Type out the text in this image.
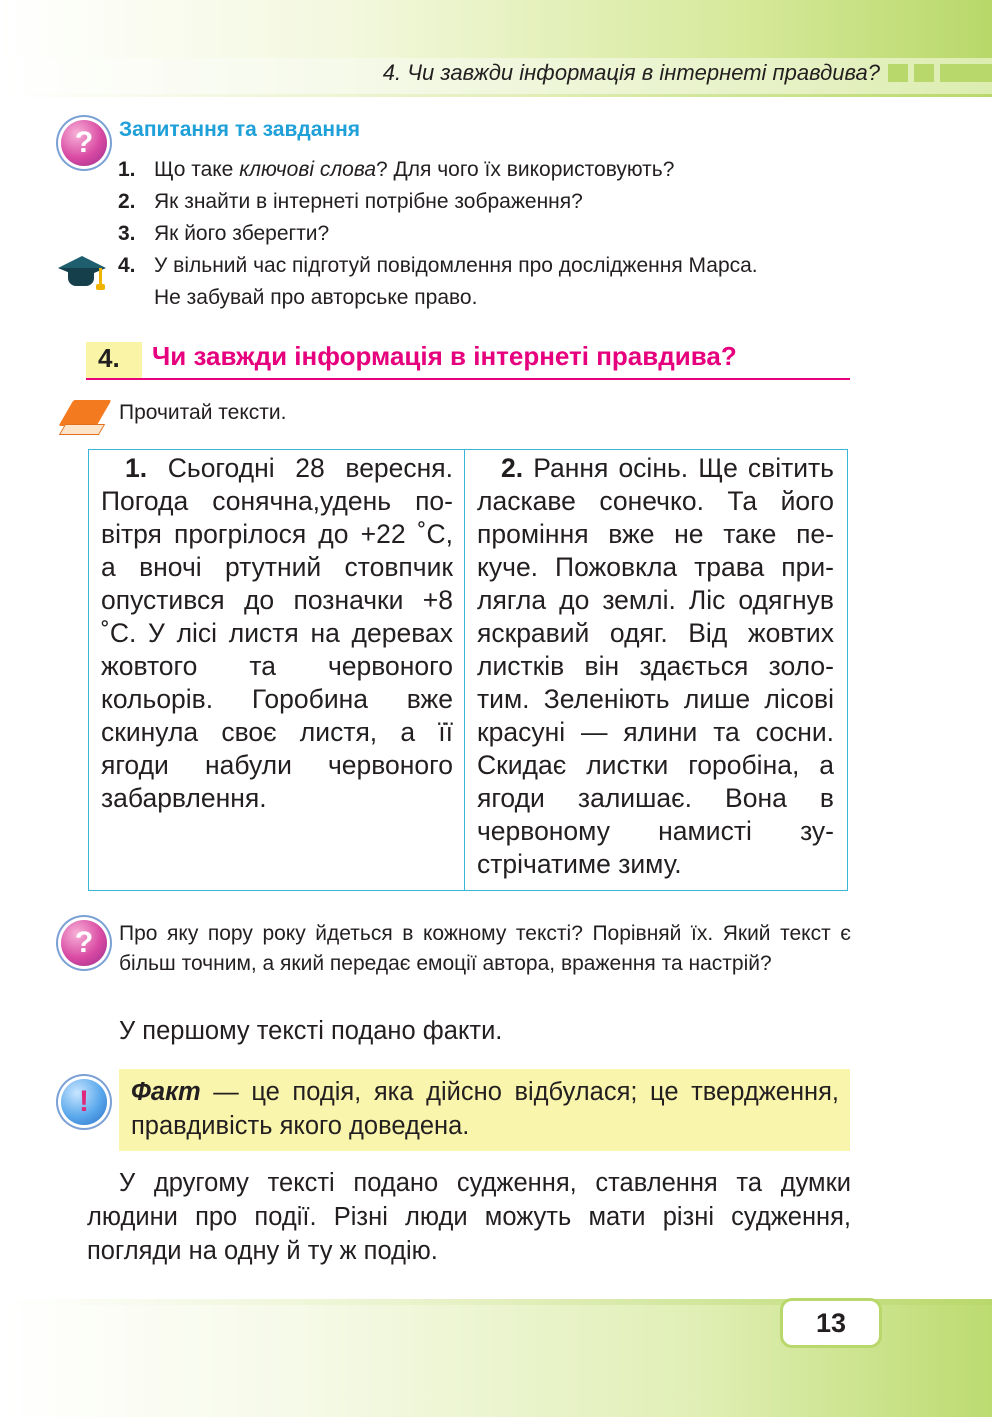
4. Чи завжди інформація в інтернеті правдива?
?	Запитання та завдання
1. Що таке ключові слова? Для чого їх використовують?
2. Як знайти в інтернеті потрібне зображення?
3. Як його зберегти?
4. У вільний час підготуй повідомлення про дослідження Марса.
Не забувай про авторське право.
4. Чи завжди інформація в інтернеті правдива?
Прочитай тексти.

1. Сьогодні 28 вересня. Погода сонячна,удень повітря прогрілося до +22 ˚С, а вночі ртутний стовпчик опустився до позначки +8 ˚С. У лісі листя на деревах жовтого та червоного кольорів. Горобина вже скинула своє листя, а її ягоди набули червоного забарвлення.

2. Рання осінь. Ще світить ласкаве сонечко. Та його проміння вже не таке пекуче. Пожовкла трава прилягла до землі. Ліс одягнув яскравий одяг. Від жовтих листків він здається золотим. Зеленіють лише лісові красуні — ялини та сосни. Скидає листки горобіна, а ягоди залишає. Вона в червоному намисті зустрічатиме зиму.

?	Про яку пору року йдеться в кожному тексті? Порівняй їх. Який текст є більш точним, а який передає емоції автора, враження та настрій?
У першому тексті подано факти.
!	Факт — це подія, яка дійсно відбулася; це твердження, правдивість якого доведена.
У другому тексті подано судження, ставлення та думки людини про події. Різні люди можуть мати різні судження, погляди на одну й ту ж подію.
13
